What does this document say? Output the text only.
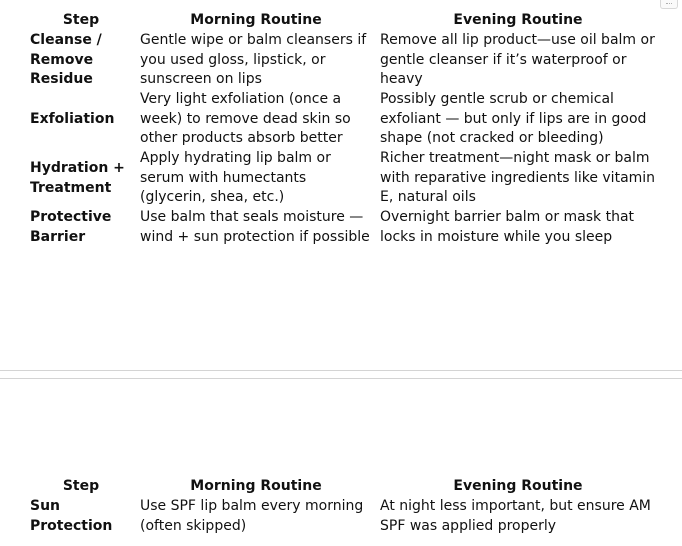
Step	Morning Routine	Evening Routine
Cleanse / Remove Residue	Gentle wipe or balm cleansers if you used gloss, lipstick, or sunscreen on lips	Remove all lip product—use oil balm or gentle cleanser if it’s waterproof or heavy
Exfoliation	Very light exfoliation (once a week) to remove dead skin so other products absorb better	Possibly gentle scrub or chemical exfoliant — but only if lips are in good shape (not cracked or bleeding)
Hydration + Treatment	Apply hydrating lip balm or serum with humectants (glycerin, shea, etc.)	Richer treatment—night mask or balm with reparative ingredients like vitamin E, natural oils
Protective Barrier	Use balm that seals moisture — wind + sun protection if possible	Overnight barrier balm or mask that locks in moisture while you sleep
Step	Morning Routine	Evening Routine
Sun Protection	Use SPF lip balm every morning (often skipped)	At night less important, but ensure AM SPF was applied properly
